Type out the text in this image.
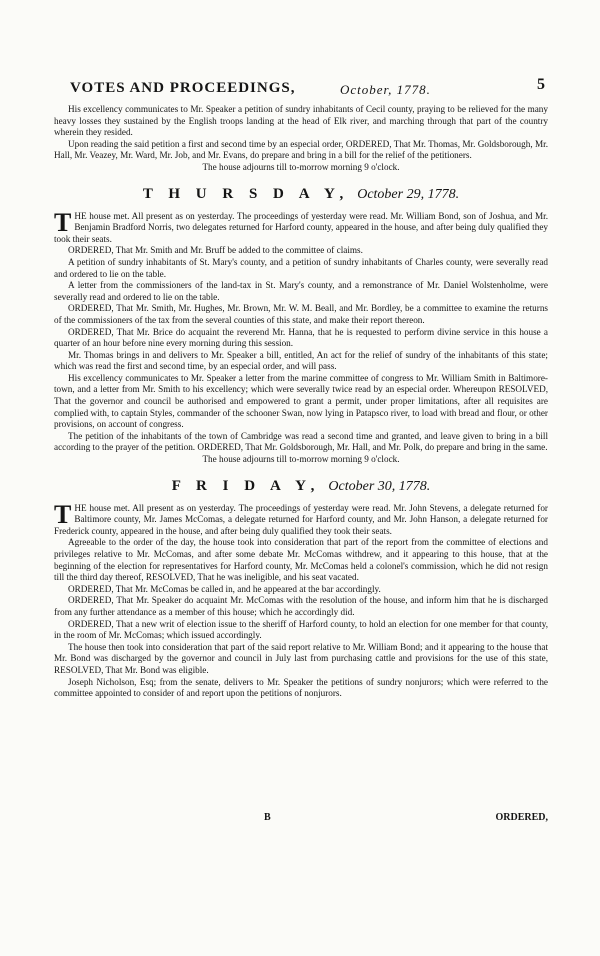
VOTES AND PROCEEDINGS,	October, 1778.	5

His excellency communicates to Mr. Speaker a petition of sundry inhabitants of Cecil county, praying to be relieved for the many heavy losses they sustained by the English troops landing at the head of Elk river, and marching through that part of the country wherein they resided.

Upon reading the said petition a first and second time by an especial order, ORDERED, That Mr. Thomas, Mr. Goldsborough, Mr. Hall, Mr. Veazey, Mr. Ward, Mr. Job, and Mr. Evans, do prepare and bring in a bill for the relief of the petitioners.

The house adjourns till to-morrow morning 9 o'clock.

T H U R S D A Y, October 29, 1778.

THE house met. All present as on yesterday. The proceedings of yesterday were read. Mr. William Bond, son of Joshua, and Mr. Benjamin Bradford Norris, two delegates returned for Harford county, appeared in the house, and after being duly qualified they took their seats.

ORDERED, That Mr. Smith and Mr. Bruff be added to the committee of claims.

A petition of sundry inhabitants of St. Mary's county, and a petition of sundry inhabitants of Charles county, were severally read and ordered to lie on the table.

A letter from the commissioners of the land-tax in St. Mary's county, and a remonstrance of Mr. Daniel Wolstenholme, were severally read and ordered to lie on the table.

ORDERED, That Mr. Smith, Mr. Hughes, Mr. Brown, Mr. W. M. Beall, and Mr. Bordley, be a committee to examine the returns of the commissioners of the tax from the several counties of this state, and make their report thereon.

ORDERED, That Mr. Brice do acquaint the reverend Mr. Hanna, that he is requested to perform divine service in this house a quarter of an hour before nine every morning during this session.

Mr. Thomas brings in and delivers to Mr. Speaker a bill, entitled, An act for the relief of sundry of the inhabitants of this state; which was read the first and second time, by an especial order, and will pass.

His excellency communicates to Mr. Speaker a letter from the marine committee of congress to Mr. William Smith in Baltimore-town, and a letter from Mr. Smith to his excellency; which were severally twice read by an especial order. Whereupon RESOLVED, That the governor and council be authorised and empowered to grant a permit, under proper limitations, after all requisites are complied with, to captain Styles, commander of the schooner Swan, now lying in Patapsco river, to load with bread and flour, or other provisions, on account of congress.

The petition of the inhabitants of the town of Cambridge was read a second time and granted, and leave given to bring in a bill according to the prayer of the petition. ORDERED, That Mr. Goldsborough, Mr. Hall, and Mr. Polk, do prepare and bring in the same.

The house adjourns till to-morrow morning 9 o'clock.

F R I D A Y, October 30, 1778.

THE house met. All present as on yesterday. The proceedings of yesterday were read. Mr. John Stevens, a delegate returned for Baltimore county, Mr. James McComas, a delegate returned for Harford county, and Mr. John Hanson, a delegate returned for Frederick county, appeared in the house, and after being duly qualified they took their seats.

Agreeable to the order of the day, the house took into consideration that part of the report from the committee of elections and privileges relative to Mr. McComas, and after some debate Mr. McComas withdrew, and it appearing to this house, that at the beginning of the election for representatives for Harford county, Mr. McComas held a colonel's commission, which he did not resign till the third day thereof, RESOLVED, That he was ineligible, and his seat vacated.

ORDERED, That Mr. McComas be called in, and he appeared at the bar accordingly.

ORDERED, That Mr. Speaker do acquaint Mr. McComas with the resolution of the house, and inform him that he is discharged from any further attendance as a member of this house; which he accordingly did.

ORDERED, That a new writ of election issue to the sheriff of Harford county, to hold an election for one member for that county, in the room of Mr. McComas; which issued accordingly.

The house then took into consideration that part of the said report relative to Mr. William Bond; and it appearing to the house that Mr. Bond was discharged by the governor and council in July last from purchasing cattle and provisions for the use of this state, RESOLVED, That Mr. Bond was eligible.

Joseph Nicholson, Esq; from the senate, delivers to Mr. Speaker the petitions of sundry nonjurors; which were referred to the committee appointed to consider of and report upon the petitions of nonjurors.

B	ORDERED,
